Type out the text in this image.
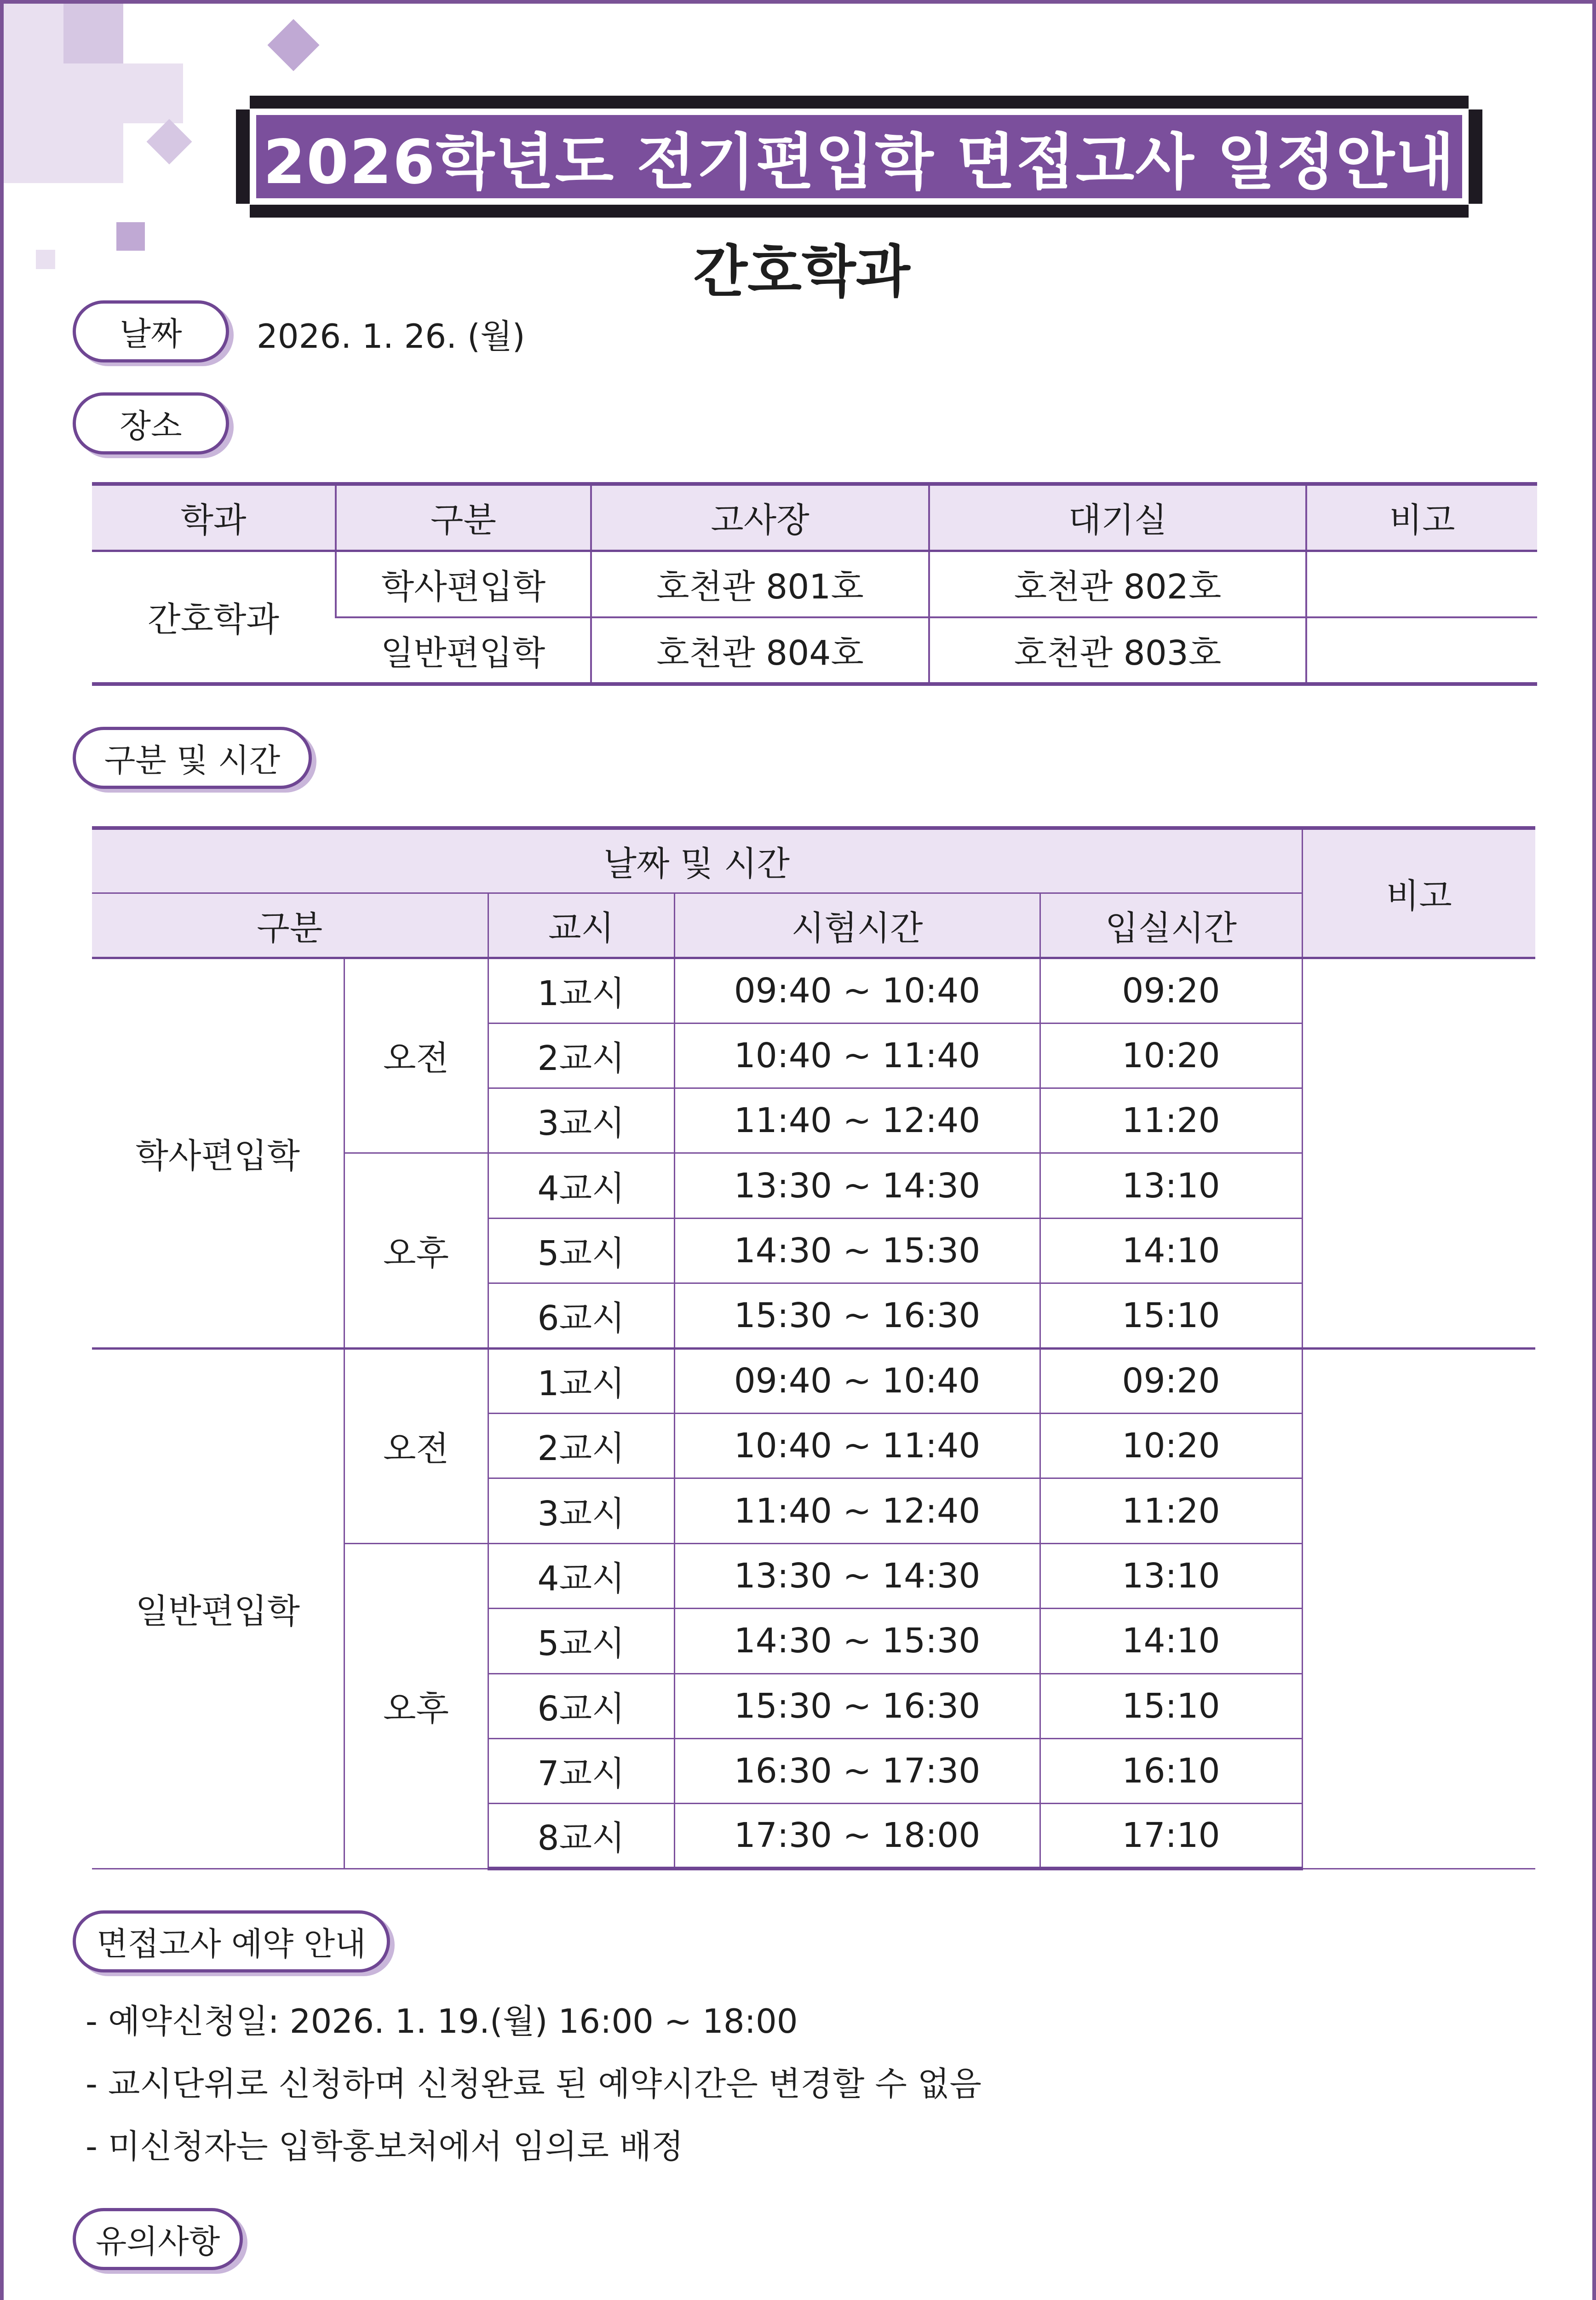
2026학년도 전기편입학 면접고사 일정안내
간호학과
날짜	2026. 1. 26. (월)
장소
학과	구분	고사장	대기실	비고
간호학과	학사편입학	호천관 801호	호천관 802호	
	일반편입학	호천관 804호	호천관 803호	
구분 및 시간
날짜 및 시간					비고
구분		교시	시험시간	입실시간	
학사편입학	오전	1교시	09:40 ~ 10:40	09:20	
		2교시	10:40 ~ 11:40	10:20	
		3교시	11:40 ~ 12:40	11:20	
	오후	4교시	13:30 ~ 14:30	13:10	
		5교시	14:30 ~ 15:30	14:10	
		6교시	15:30 ~ 16:30	15:10	
일반편입학	오전	1교시	09:40 ~ 10:40	09:20	
		2교시	10:40 ~ 11:40	10:20	
		3교시	11:40 ~ 12:40	11:20	
	오후	4교시	13:30 ~ 14:30	13:10	
		5교시	14:30 ~ 15:30	14:10	
		6교시	15:30 ~ 16:30	15:10	
		7교시	16:30 ~ 17:30	16:10	
		8교시	17:30 ~ 18:00	17:10	
면접고사 예약 안내
- 예약신청일: 2026. 1. 19.(월) 16:00 ~ 18:00
- 교시단위로 신청하며 신청완료 된 예약시간은 변경할 수 없음
- 미신청자는 입학홍보처에서 임의로 배정
유의사항
